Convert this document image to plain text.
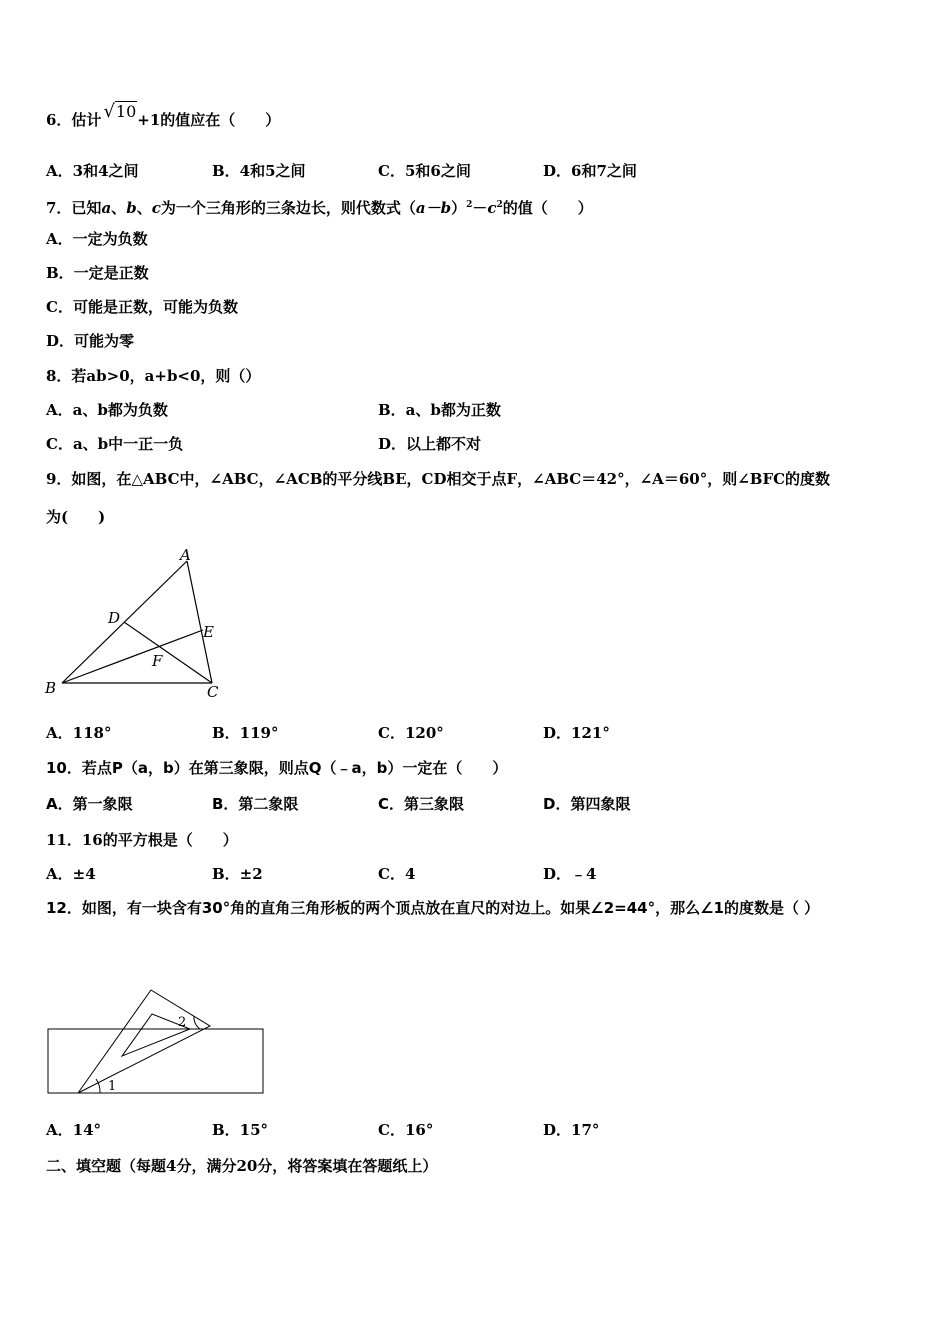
6．估计 √10+1的值应在（　　）
A．3和4之间	B．4和5之间	C．5和6之间	D．6和7之间
7．已知a、b、c为一个三角形的三条边长，则代数式$(a-b)^2-c^2$的值（　　）
A．一定为负数
B．一定是正数
C．可能是正数，可能为负数
D．可能为零
8．若ab>0，a+b<0，则（）
A．a、b都为负数	B．a、b都为正数
C．a、b中一正一负	D．以上都不对
9．如图，在△ABC中，∠ABC，∠ACB的平分线BE，CD相交于点F，∠ABC＝42°，∠A＝60°，则∠BFC的度数
为(　　)
A
B	C
D
E
F
A．118°	B．119°	C．120°	D．121°
10．若点P（a，b）在第三象限，则点Q（﹣a，b）一定在（　　）
A．第一象限	B．第二象限	C．第三象限	D．第四象限
11．16的平方根是（　　）
A．±4	B．±2	C．4	D．﹣4
12．如图，有一块含有30°角的直角三角形板的两个顶点放在直尺的对边上。如果∠2=44°，那么∠1的度数是（ ）
1
2
A．14°	B．15°	C．16°	D．17°
二、填空题（每题4分，满分20分，将答案填在答题纸上）
